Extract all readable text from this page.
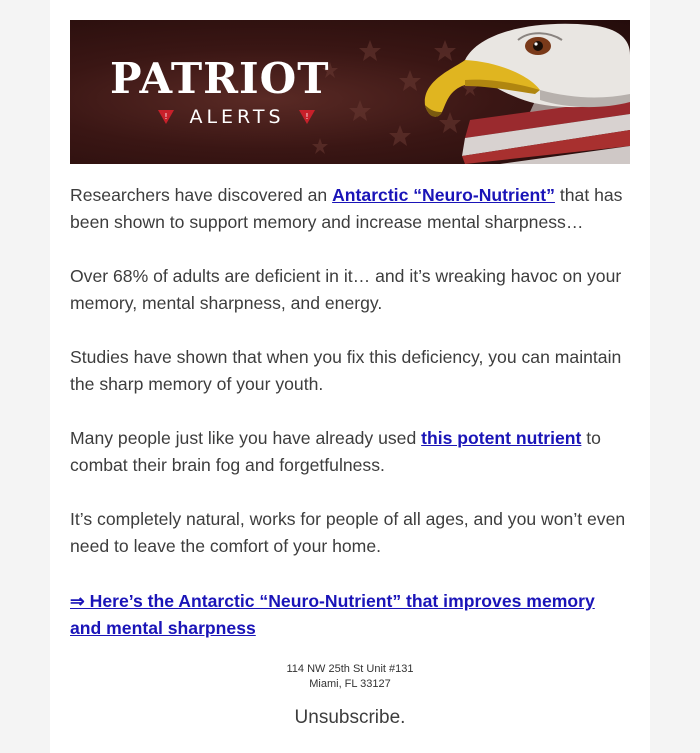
!	!
PATRIOT
ALERTS

Researchers have discovered an Antarctic “Neuro-Nutrient” that has been shown to support memory and increase mental sharpness…

Over 68% of adults are deficient in it… and it’s wreaking havoc on your memory, mental sharpness, and energy.

Studies have shown that when you fix this deficiency, you can maintain the sharp memory of your youth.

Many people just like you have already used this potent nutrient to combat their brain fog and forgetfulness.

It’s completely natural, works for people of all ages, and you won’t even need to leave the comfort of your home.

⇒ Here’s the Antarctic “Neuro-Nutrient” that improves memory and mental sharpness
114 NW 25th St Unit #131
Miami, FL 33127
Unsubscribe.
